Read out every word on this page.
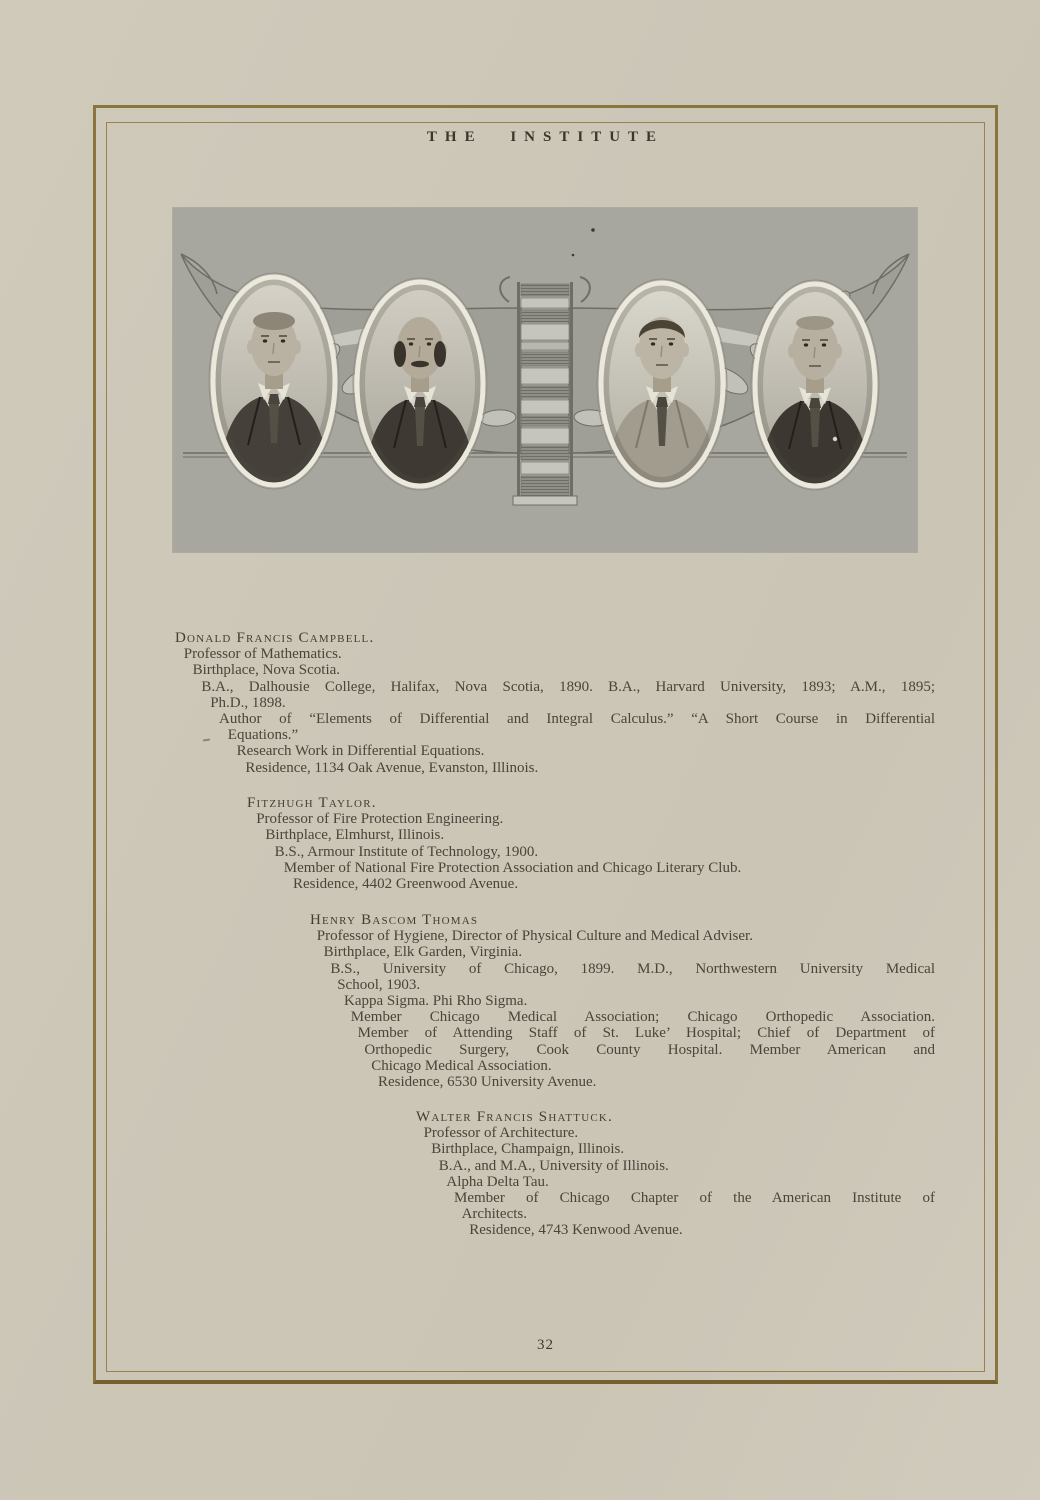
THE INSTITUTE
Donald Francis Campbell.
Professor of Mathematics.
Birthplace, Nova Scotia.
B.A., Dalhousie College, Halifax, Nova Scotia, 1890. B.A., Harvard University, 1893; A.M., 1895;
Ph.D., 1898.
Author of “Elements of Differential and Integral Calculus.” “A Short Course in Differential
Equations.”
Research Work in Differential Equations.
Residence, 1134 Oak Avenue, Evanston, Illinois.
Fitzhugh Taylor.
Professor of Fire Protection Engineering.
Birthplace, Elmhurst, Illinois.
B.S., Armour Institute of Technology, 1900.
Member of National Fire Protection Association and Chicago Literary Club.
Residence, 4402 Greenwood Avenue.
Henry Bascom Thomas
Professor of Hygiene, Director of Physical Culture and Medical Adviser.
Birthplace, Elk Garden, Virginia.
B.S., University of Chicago, 1899. M.D., Northwestern University Medical
School, 1903.
Kappa Sigma. Phi Rho Sigma.
Member Chicago Medical Association; Chicago Orthopedic Association.
Member of Attending Staff of St. Luke’ Hospital; Chief of Department of
Orthopedic Surgery, Cook County Hospital. Member American and
Chicago Medical Association.
Residence, 6530 University Avenue.
Walter Francis Shattuck.
Professor of Architecture.
Birthplace, Champaign, Illinois.
B.A., and M.A., University of Illinois.
Alpha Delta Tau.
Member of Chicago Chapter of the American Institute of
Architects.
Residence, 4743 Kenwood Avenue.
32
